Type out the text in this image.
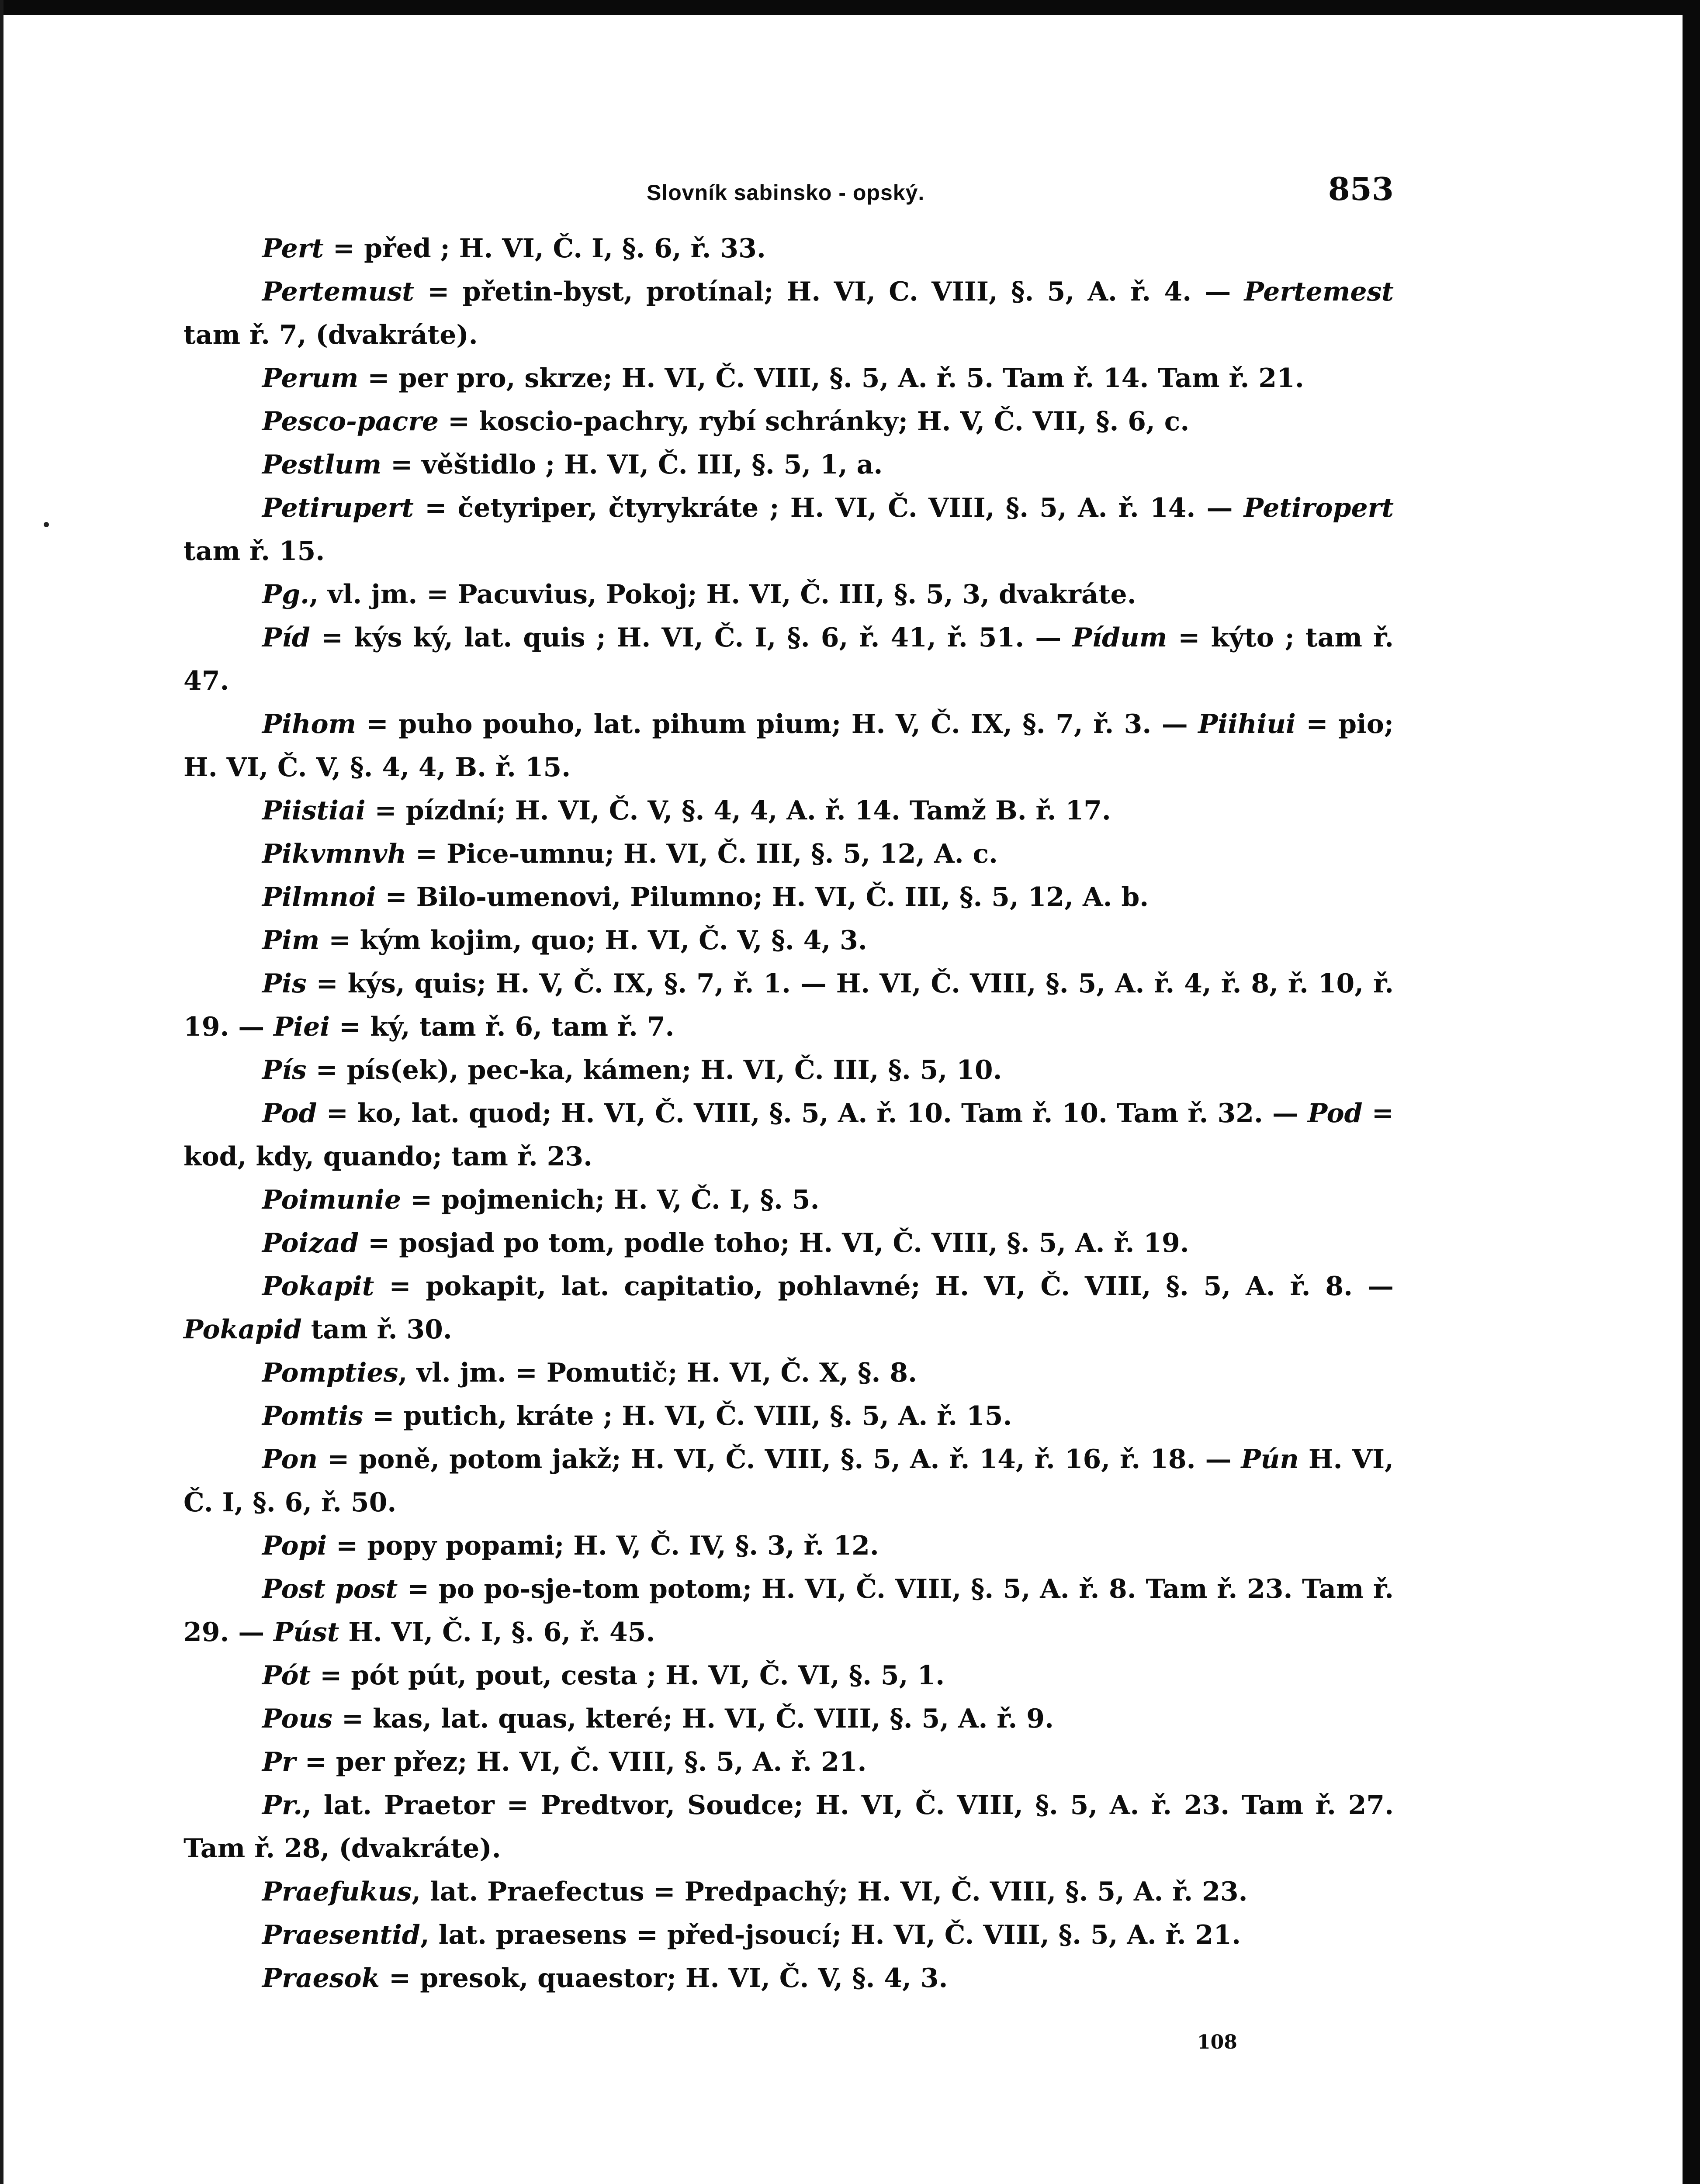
Slovník sabinsko - opský.	853
Pert = před ; H. VI, Č. I, §. 6, ř. 33.
Pertemust = přetin-byst, protínal; H. VI, C. VIII, §. 5, A. ř. 4. — Pertemest tam ř. 7, (dvakráte).
Perum = per pro, skrze; H. VI, Č. VIII, §. 5, A. ř. 5. Tam ř. 14. Tam ř. 21.
Pesco-pacre = koscio-pachry, rybí schránky; H. V, Č. VII, §. 6, c.
Pestlum = věštidlo ; H. VI, Č. III, §. 5, 1, a.
Petirupert = četyriper, čtyrykráte ; H. VI, Č. VIII, §. 5, A. ř. 14. — Petiropert tam ř. 15.
Pg., vl. jm. = Pacuvius, Pokoj; H. VI, Č. III, §. 5, 3, dvakráte.
Píd = kýs ký, lat. quis ; H. VI, Č. I, §. 6, ř. 41, ř. 51. — Pídum = kýto ; tam ř. 47.
Pihom = puho pouho, lat. pihum pium; H. V, Č. IX, §. 7, ř. 3. — Piihiui = pio; H. VI, Č. V, §. 4, 4, B. ř. 15.
Piistiai = pízdní; H. VI, Č. V, §. 4, 4, A. ř. 14. Tamž B. ř. 17.
Pikvmnvh = Pice-umnu; H. VI, Č. III, §. 5, 12, A. c.
Pilmnoi = Bilo-umenovi, Pilumno; H. VI, Č. III, §. 5, 12, A. b.
Pim = kým kojim, quo; H. VI, Č. V, §. 4, 3.
Pis = kýs, quis; H. V, Č. IX, §. 7, ř. 1. — H. VI, Č. VIII, §. 5, A. ř. 4, ř. 8, ř. 10, ř. 19. — Piei = ký, tam ř. 6, tam ř. 7.
Pís = pís(ek), pec-ka, kámen; H. VI, Č. III, §. 5, 10.
Pod = ko, lat. quod; H. VI, Č. VIII, §. 5, A. ř. 10. Tam ř. 10. Tam ř. 32. — Pod = kod, kdy, quando; tam ř. 23.
Poimunie = pojmenich; H. V, Č. I, §. 5.
Poizad = posjad po tom, podle toho; H. VI, Č. VIII, §. 5, A. ř. 19.
Pokapit = pokapit, lat. capitatio, pohlavné; H. VI, Č. VIII, §. 5, A. ř. 8. — Pokapid tam ř. 30.
Pompties, vl. jm. = Pomutič; H. VI, Č. X, §. 8.
Pomtis = putich, kráte ; H. VI, Č. VIII, §. 5, A. ř. 15.
Pon = poně, potom jakž; H. VI, Č. VIII, §. 5, A. ř. 14, ř. 16, ř. 18. — Pún H. VI, Č. I, §. 6, ř. 50.
Popi = popy popami; H. V, Č. IV, §. 3, ř. 12.
Post post = po po-sje-tom potom; H. VI, Č. VIII, §. 5, A. ř. 8. Tam ř. 23. Tam ř. 29. — Púst H. VI, Č. I, §. 6, ř. 45.
Pót = pót pút, pout, cesta ; H. VI, Č. VI, §. 5, 1.
Pous = kas, lat. quas, které; H. VI, Č. VIII, §. 5, A. ř. 9.
Pr = per přez; H. VI, Č. VIII, §. 5, A. ř. 21.
Pr., lat. Praetor = Predtvor, Soudce; H. VI, Č. VIII, §. 5, A. ř. 23. Tam ř. 27. Tam ř. 28, (dvakráte).
Praefukus, lat. Praefectus = Predpachý; H. VI, Č. VIII, §. 5, A. ř. 23.
Praesentid, lat. praesens = před-jsoucí; H. VI, Č. VIII, §. 5, A. ř. 21.
Praesok = presok, quaestor; H. VI, Č. V, §. 4, 3.
108
